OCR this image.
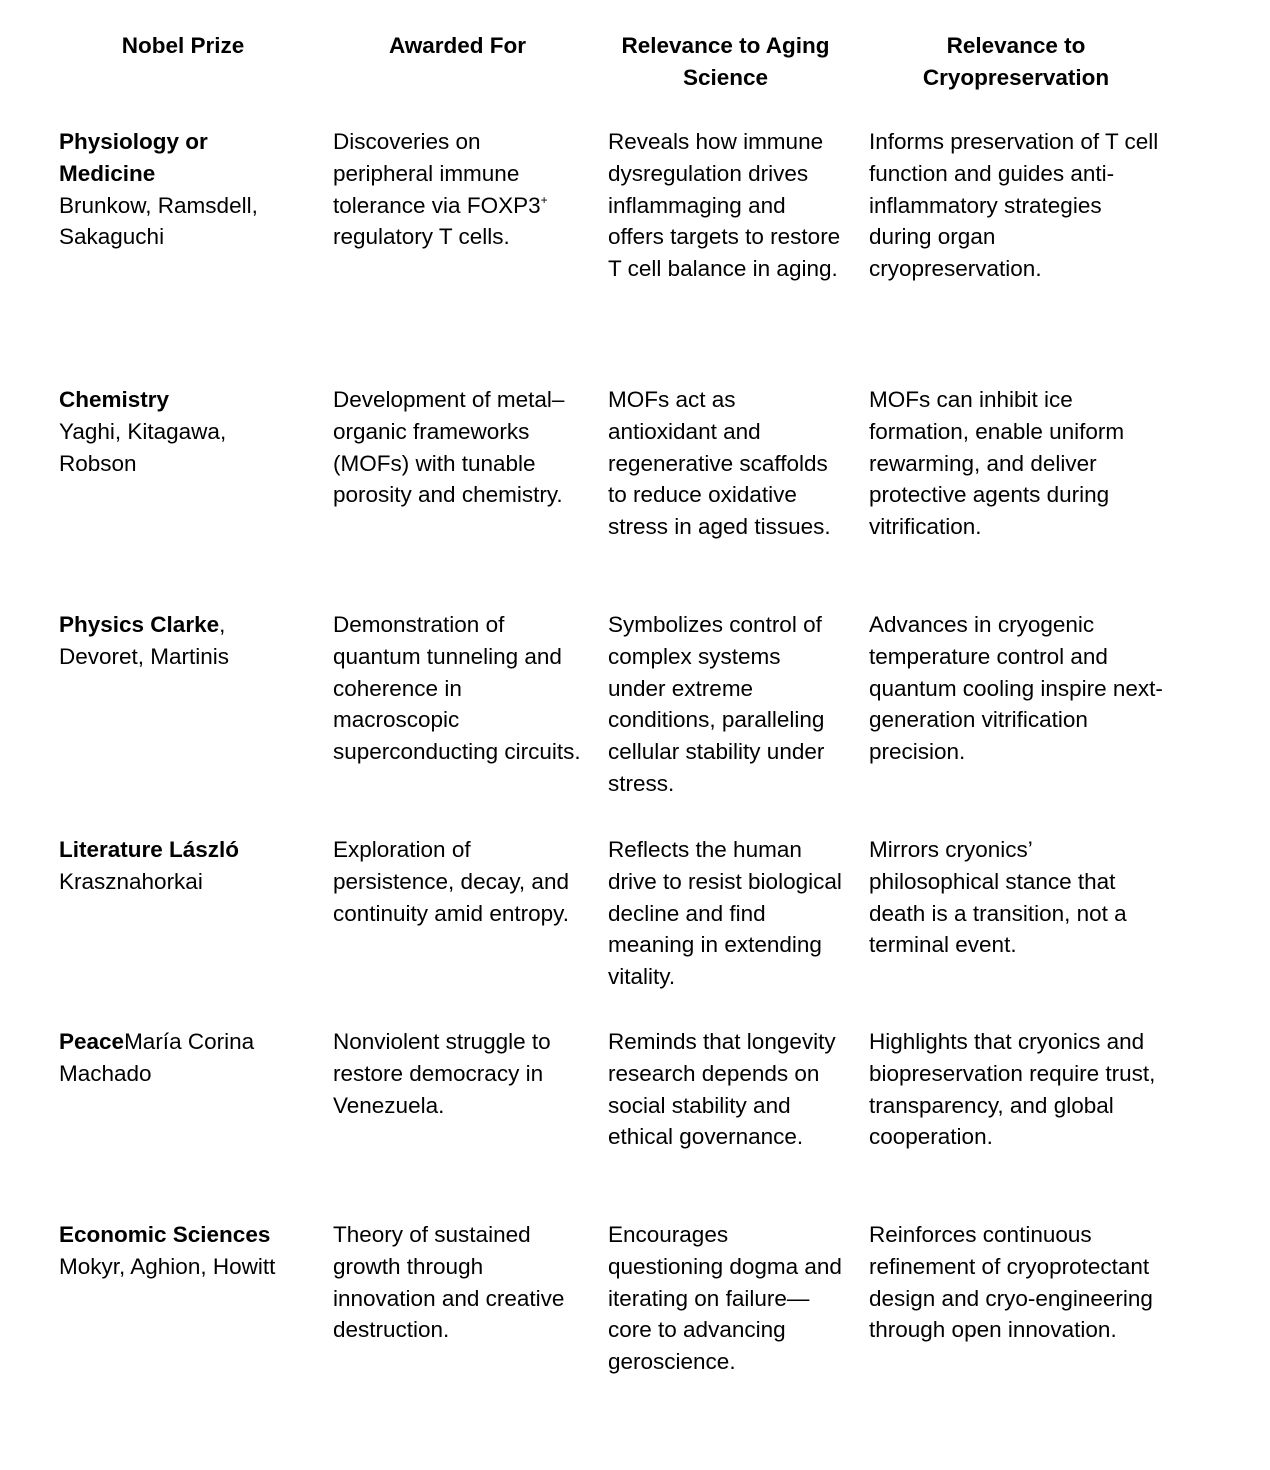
Nobel Prize	Awarded For	Relevance to Aging Science	Relevance to Cryopreservation
Physiology or Medicine
Brunkow, Ramsdell, Sakaguchi	Discoveries on peripheral immune tolerance via FOXP3+ regulatory T cells.	Reveals how immune dysregulation drives inflammaging and offers targets to restore T cell balance in aging.	Informs preservation of T cell function and guides anti-inflammatory strategies during organ cryopreservation.
Chemistry
Yaghi, Kitagawa, Robson	Development of metal–organic frameworks (MOFs) with tunable porosity and chemistry.	MOFs act as antioxidant and regenerative scaffolds to reduce oxidative stress in aged tissues.	MOFs can inhibit ice formation, enable uniform rewarming, and deliver protective agents during vitrification.
Physics Clarke, Devoret, Martinis	Demonstration of quantum tunneling and coherence in macroscopic superconducting circuits.	Symbolizes control of complex systems under extreme conditions, paralleling cellular stability under stress.	Advances in cryogenic temperature control and quantum cooling inspire next-generation vitrification precision.
Literature László Krasznahorkai	Exploration of persistence, decay, and continuity amid entropy.	Reflects the human drive to resist biological decline and find meaning in extending vitality.	Mirrors cryonics’ philosophical stance that death is a transition, not a terminal event.
PeaceMaría Corina Machado	Nonviolent struggle to restore democracy in Venezuela.	Reminds that longevity research depends on social stability and ethical governance.	Highlights that cryonics and biopreservation require trust, transparency, and global cooperation.
Economic Sciences
Mokyr, Aghion, Howitt	Theory of sustained growth through innovation and creative destruction.	Encourages questioning dogma and iterating on failure—core to advancing geroscience.	Reinforces continuous refinement of cryoprotectant design and cryo-engineering through open innovation.
